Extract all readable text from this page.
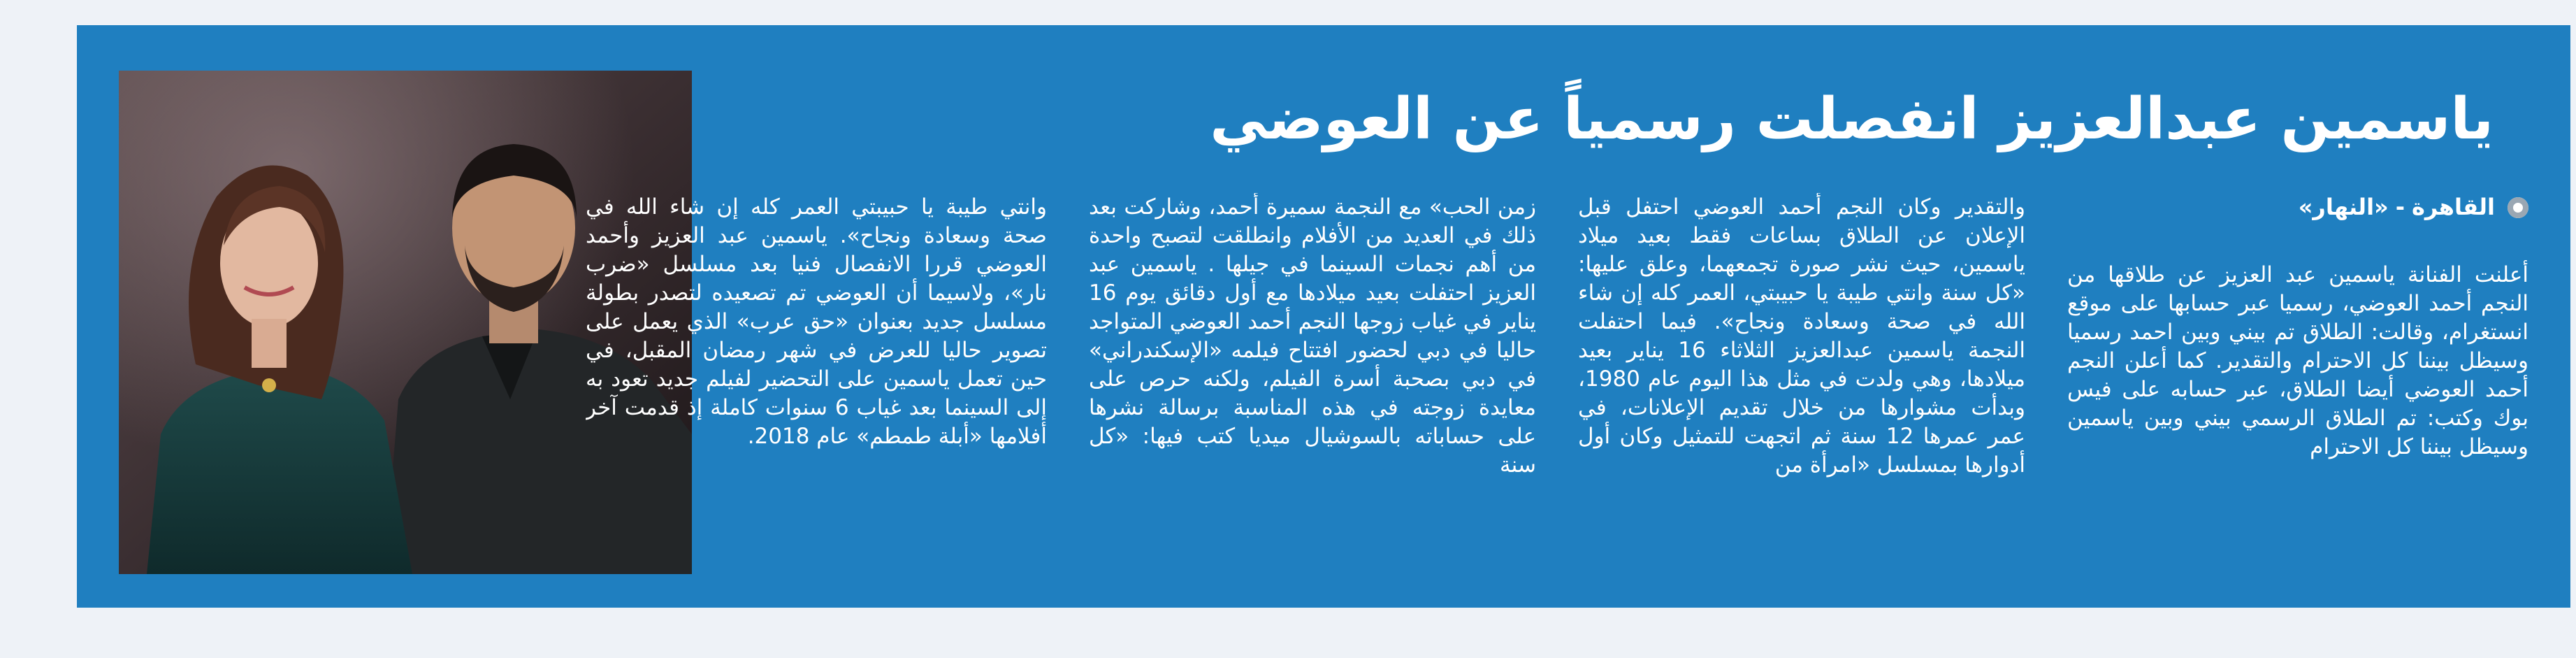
ياسمين عبدالعزيز انفصلت رسمياً عن العوضي
القاهرة
-
«النهار»

أعلنت الفنانة ياسمين عبد العزيز عن طلاقها من النجم أحمد العوضي، رسميا عبر حسابها على موقع انستغرام، وقالت: الطلاق تم بيني وبين احمد رسميا وسيظل بيننا كل الاحترام والتقدير. كما أعلن النجم أحمد العوضي أيضا الطلاق، عبر حسابه على فيس بوك وكتب: تم الطلاق الرسمي بيني وبين ياسمين وسيظل بيننا كل الاحترام

والتقدير وكان النجم أحمد العوضي احتفل قبل الإعلان عن الطلاق بساعات فقط بعيد ميلاد ياسمين، حيث نشر صورة تجمعهما، وعلق عليها: «كل سنة وانتي طيبة يا حبيبتي، العمر كله إن شاء الله في صحة وسعادة ونجاح». فيما احتفلت النجمة ياسمين عبدالعزيز الثلاثاء 16 يناير بعيد ميلادها، وهي ولدت في مثل هذا اليوم عام 1980، وبدأت مشوارها من خلال تقديم الإعلانات، في عمر عمرها 12 سنة ثم اتجهت للتمثيل وكان أول أدوارها بمسلسل «امرأة من

زمن الحب» مع النجمة سميرة أحمد، وشاركت بعد ذلك في العديد من الأفلام وانطلقت لتصبح واحدة من أهم نجمات السينما في جيلها . ياسمين عبد العزيز احتفلت بعيد ميلادها مع أول دقائق يوم 16 يناير في غياب زوجها النجم أحمد العوضي المتواجد حاليا في دبي لحضور افتتاح فيلمه «الإسكندراني» في دبي بصحبة أسرة الفيلم، ولكنه حرص على معايدة زوجته في هذه المناسبة برسالة نشرها على حساباته بالسوشيال ميديا كتب فيها: «كل سنة

وانتي طيبة يا حبيبتي العمر كله إن شاء الله في صحة وسعادة ونجاح». ياسمين عبد العزيز وأحمد العوضي قررا الانفصال فنيا بعد مسلسل «ضرب نار»، ولاسيما أن العوضي تم تصعيده لتصدر بطولة مسلسل جديد بعنوان «حق عرب» الذي يعمل على تصوير حاليا للعرض في شهر رمضان المقبل، في حين تعمل ياسمين على التحضير لفيلم جديد تعود به إلى السينما بعد غياب 6 سنوات كاملة إذ قدمت آخر أفلامها «أبلة طمطم» عام 2018.
